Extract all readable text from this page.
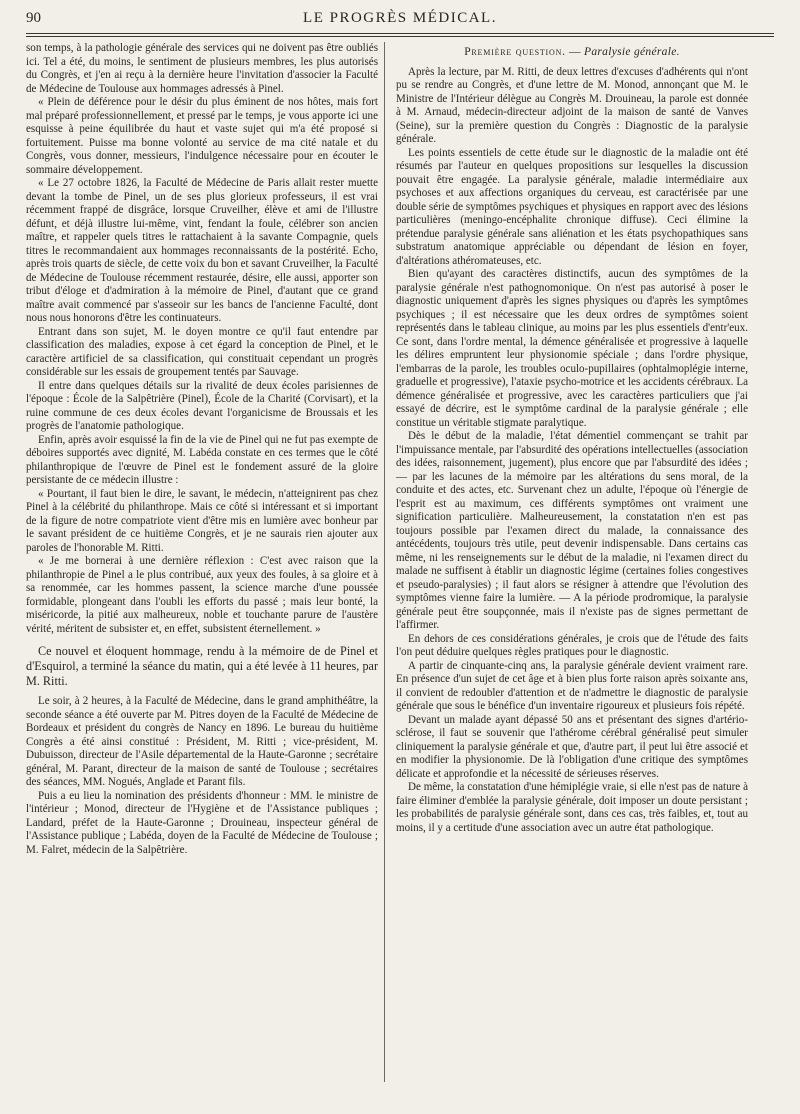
90	LE PROGRÈS MÉDICAL.

son temps, à la pathologie générale des services qui ne doivent pas être oubliés ici. Tel a été, du moins, le sentiment de plusieurs membres, les plus autorisés du Congrès, et j'en ai reçu à la dernière heure l'invitation d'associer la Faculté de Médecine de Toulouse aux hommages adressés à Pinel.

« Plein de déférence pour le désir du plus éminent de nos hôtes, mais fort mal préparé professionnellement, et pressé par le temps, je vous apporte ici une esquisse à peine équilibrée du haut et vaste sujet qui m'a été proposé si fortuitement. Puisse ma bonne volonté au service de ma cité natale et du Congrès, vous donner, messieurs, l'indulgence nécessaire pour en écouter le sommaire développement.

« Le 27 octobre 1826, la Faculté de Médecine de Paris allait rester muette devant la tombe de Pinel, un de ses plus glorieux professeurs, il est vrai récemment frappé de disgrâce, lorsque Cruveilher, élève et ami de l'illustre défunt, et déjà illustre lui-même, vint, fendant la foule, célébrer son ancien maître, et rappeler quels titres le rattachaient à la savante Compagnie, quels titres le recommandaient aux hommages reconnaissants de la postérité. Echo, après trois quarts de siècle, de cette voix du bon et savant Cruveilher, la Faculté de Médecine de Toulouse récemment restaurée, désire, elle aussi, apporter son tribut d'éloge et d'admiration à la mémoire de Pinel, d'autant que ce grand maître avait commencé par s'asseoir sur les bancs de l'ancienne Faculté, dont nous nous honorons d'être les continuateurs.

Entrant dans son sujet, M. le doyen montre ce qu'il faut entendre par classification des maladies, expose à cet égard la conception de Pinel, et le caractère artificiel de sa classification, qui constituait cependant un progrès considérable sur les essais de groupement tentés par Sauvage.

Il entre dans quelques détails sur la rivalité de deux écoles parisiennes de l'époque : École de la Salpêtrière (Pinel), École de la Charité (Corvisart), et la ruine commune de ces deux écoles devant l'organicisme de Broussais et les progrès de l'anatomie pathologique.

Enfin, après avoir esquissé la fin de la vie de Pinel qui ne fut pas exempte de déboires supportés avec dignité, M. Labéda constate en ces termes que le côté philanthropique de l'œuvre de Pinel est le fondement assuré de la gloire persistante de ce médecin illustre :

« Pourtant, il faut bien le dire, le savant, le médecin, n'atteignirent pas chez Pinel à la célébrité du philanthrope. Mais ce côté si intéressant et si important de la figure de notre compatriote vient d'être mis en lumière avec bonheur par le savant président de ce huitième Congrès, et je ne saurais rien ajouter aux paroles de l'honorable M. Ritti.

« Je me bornerai à une dernière réflexion : C'est avec raison que la philanthropie de Pinel a le plus contribué, aux yeux des foules, à sa gloire et à sa renommée, car les hommes passent, la science marche d'une poussée formidable, plongeant dans l'oubli les efforts du passé ; mais leur bonté, la miséricorde, la pitié aux malheureux, noble et touchante parure de l'austère vérité, méritent de subsister et, en effet, subsistent éternellement. »

Ce nouvel et éloquent hommage, rendu à la mémoire de de Pinel et d'Esquirol, a terminé la séance du matin, qui a été levée à 11 heures, par M. Ritti.

Le soir, à 2 heures, à la Faculté de Médecine, dans le grand amphithéâtre, la seconde séance a été ouverte par M. Pitres doyen de la Faculté de Médecine de Bordeaux et président du congrès de Nancy en 1896. Le bureau du huitième Congrès a été ainsi constitué : Président, M. Ritti ; vice-président, M. Dubuisson, directeur de l'Asile départemental de la Haute-Garonne ; secrétaire général, M. Parant, directeur de la maison de santé de Toulouse ; secrétaires des séances, MM. Nogués, Anglade et Parant fils.

Puis a eu lieu la nomination des présidents d'honneur : MM. le ministre de l'intérieur ; Monod, directeur de l'Hygiène et de l'Assistance publiques ; Landard, préfet de la Haute-Garonne ; Drouineau, inspecteur général de l'Assistance publique ; Labéda, doyen de la Faculté de Médecine de Toulouse ; M. Falret, médecin de la Salpêtrière.

Première question. — Paralysie générale.

Après la lecture, par M. Ritti, de deux lettres d'excuses d'adhérents qui n'ont pu se rendre au Congrès, et d'une lettre de M. Monod, annonçant que M. le Ministre de l'Intérieur délègue au Congrès M. Drouineau, la parole est donnée à M. Arnaud, médecin-directeur adjoint de la maison de santé de Vanves (Seine), sur la première question du Congrès : Diagnostic de la paralysie générale.

Les points essentiels de cette étude sur le diagnostic de la maladie ont été résumés par l'auteur en quelques propositions sur lesquelles la discussion pouvait être engagée. La paralysie générale, maladie intermédiaire aux psychoses et aux affections organiques du cerveau, est caractérisée par une double série de symptômes psychiques et physiques en rapport avec des lésions particulières (meningo-encéphalite chronique diffuse). Ceci élimine la prétendue paralysie générale sans aliénation et les états psychopathiques sans substratum anatomique appréciable ou dépendant de lésion en foyer, d'altérations athéromateuses, etc.

Bien qu'ayant des caractères distinctifs, aucun des symptômes de la paralysie générale n'est pathognomonique. On n'est pas autorisé à poser le diagnostic uniquement d'après les signes physiques ou d'après les symptômes psychiques ; il est nécessaire que les deux ordres de symptômes soient représentés dans le tableau clinique, au moins par les plus essentiels d'entr'eux. Ce sont, dans l'ordre mental, la démence généralisée et progressive à laquelle les délires empruntent leur physionomie spéciale ; dans l'ordre physique, l'embarras de la parole, les troubles oculo-pupillaires (ophtalmoplégie interne, graduelle et progressive), l'ataxie psycho-motrice et les accidents cérébraux. La démence généralisée et progressive, avec les caractères particuliers que j'ai essayé de décrire, est le symptôme cardinal de la paralysie générale ; elle constitue un véritable stigmate paralytique.

Dès le début de la maladie, l'état démentiel commençant se trahit par l'impuissance mentale, par l'absurdité des opérations intellectuelles (association des idées, raisonnement, jugement), plus encore que par l'absurdité des idées ; — par les lacunes de la mémoire par les altérations du sens moral, de la conduite et des actes, etc. Survenant chez un adulte, l'époque où l'énergie de l'esprit est au maximum, ces différents symptômes ont vraiment une signification particulière. Malheureusement, la constatation n'en est pas toujours possible par l'examen direct du malade, la connaissance des antécédents, toujours très utile, peut devenir indispensable. Dans certains cas même, ni les renseignements sur le début de la maladie, ni l'examen direct du malade ne suffisent à établir un diagnostic légime (certaines folies congestives et pseudo-paralysies) ; il faut alors se résigner à attendre que l'évolution des symptômes vienne faire la lumière. — A la période prodromique, la paralysie générale peut être soupçonnée, mais il n'existe pas de signes permettant de l'affirmer.

En dehors de ces considérations générales, je crois que de l'étude des faits l'on peut déduire quelques règles pratiques pour le diagnostic.

A partir de cinquante-cinq ans, la paralysie générale devient vraiment rare. En présence d'un sujet de cet âge et à bien plus forte raison après soixante ans, il convient de redoubler d'attention et de n'admettre le diagnostic de paralysie générale que sous le bénéfice d'un inventaire rigoureux et plusieurs fois répété.

Devant un malade ayant dépassé 50 ans et présentant des signes d'artério-sclérose, il faut se souvenir que l'athérome cérébral généralisé peut simuler cliniquement la paralysie générale et que, d'autre part, il peut lui être associé et en modifier la physionomie. De là l'obligation d'une critique des symptômes délicate et approfondie et la nécessité de sérieuses réserves.

De même, la constatation d'une hémiplégie vraie, si elle n'est pas de nature à faire éliminer d'emblée la paralysie générale, doit imposer un doute persistant ; les probabilités de paralysie générale sont, dans ces cas, très faibles, et, tout au moins, il y a certitude d'une association avec un autre état pathologique.
